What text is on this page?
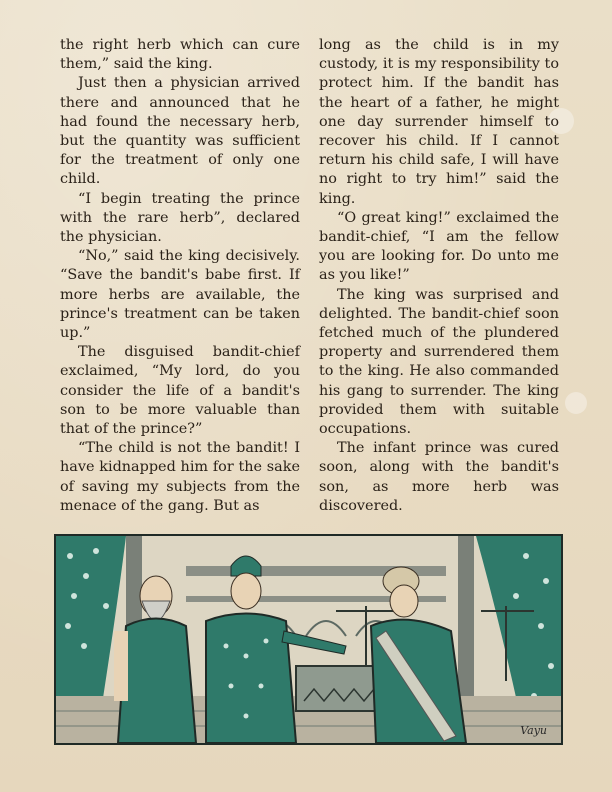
the right herb which can cure them,” said the king.

Just then a physician arrived there and announced that he had found the necessary herb, but the quantity was sufficient for the treatment of only one child.

“I begin treating the prince with the rare herb”, declared the physician.

“No,” said the king decisively. “Save the bandit's babe first. If more herbs are available, the prince's treatment can be taken up.”

The disguised bandit-chief exclaimed, “My lord, do you consider the life of a bandit's son to be more valuable than that of the prince?”

“The child is not the bandit! I have kidnapped him for the sake of saving my subjects from the menace of the gang. But as

long as the child is in my custody, it is my responsibility to protect him. If the bandit has the heart of a father, he might one day surrender himself to recover his child. If I cannot return his child safe, I will have no right to try him!” said the king.

“O great king!” exclaimed the bandit-chief, “I am the fellow you are looking for. Do unto me as you like!”

The king was surprised and delighted. The bandit-chief soon fetched much of the plundered property and surrendered them to the king. He also commanded his gang to surrender. The king provided them with suitable occupations.

The infant prince was cured soon, along with the bandit's son, as more herb was discovered.

Vayu
